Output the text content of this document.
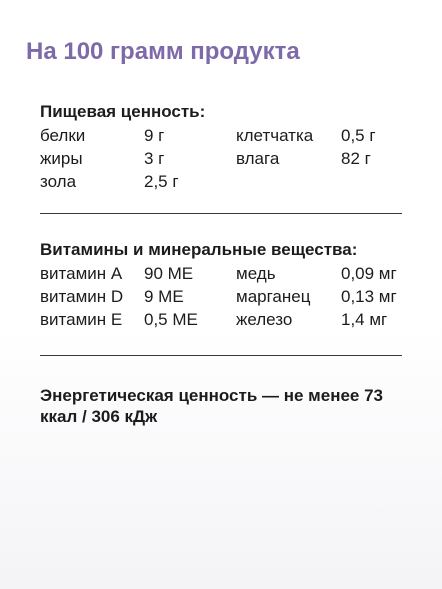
На 100 грамм продукта
Пищевая ценность:
белки	9 г	клетчатка	0,5 г
жиры	3 г	влага	82 г
зола	2,5 г		
Витамины и минеральные вещества:
витамин А	90 МЕ	медь	0,09 мг
витамин D	9 МЕ	марганец	0,13 мг
витамин Е	0,5 МЕ	железо	1,4 мг

Энергетическая ценность — не менее 73 ккал / 306 кДж
